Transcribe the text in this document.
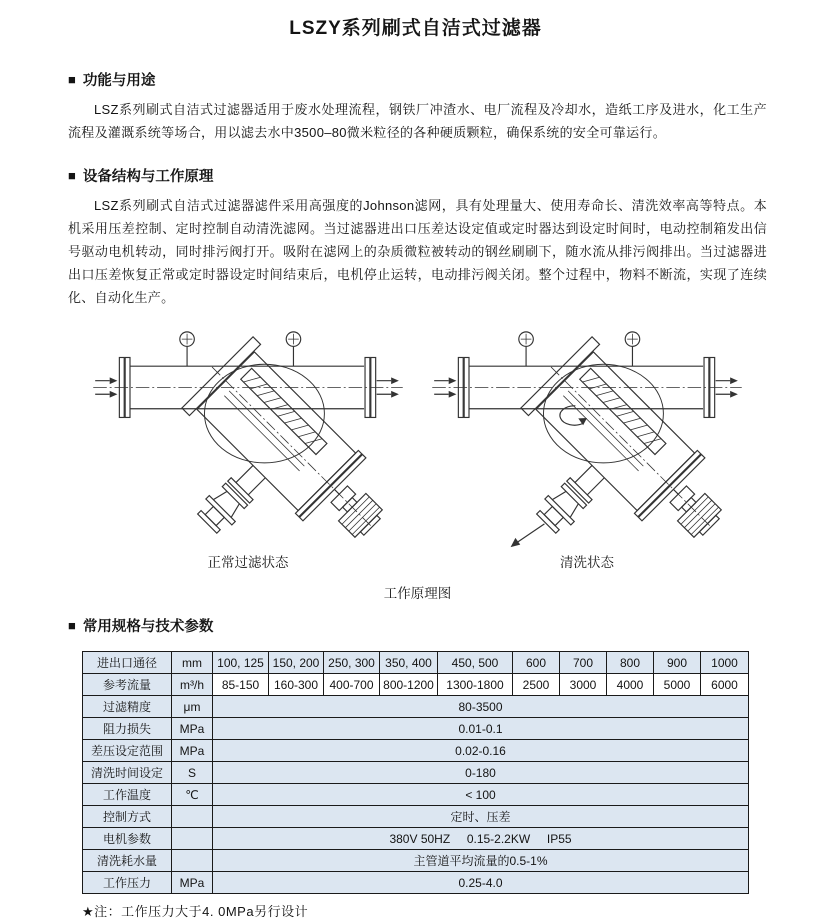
LSZY系列刷式自洁式过滤器
■ 功能与用途

LSZ系列刷式自洁式过滤器适用于废水处理流程，钢铁厂冲渣水、电厂流程及冷却水，造纸工序及进水，化工生产流程及灌溉系统等场合，用以滤去水中3500–80微米粒径的各种硬质颗粒，确保系统的安全可靠运行。

■ 设备结构与工作原理

LSZ系列刷式自洁式过滤器滤件采用高强度的Johnson滤网，具有处理量大、使用寿命长、清洗效率高等特点。本机采用压差控制、定时控制自动清洗滤网。当过滤器进出口压差达设定值或定时器达到设定时间时，电动控制箱发出信号驱动电机转动，同时排污阀打开。吸附在滤网上的杂质微粒被转动的钢丝刷刷下，随水流从排污阀排出。当过滤器进出口压差恢复正常或定时器设定时间结束后，电机停止运转，电动排污阀关闭。整个过程中，物料不断流，实现了连续化、自动化生产。

正常过滤状态	清洗状态
工作原理图
■ 常用规格与技术参数
进出口通径	mm	100, 125	150, 200	250, 300	350, 400	450, 500	600	700	800	900	1000
参考流量	m³/h	85-150	160-300	400-700	800-1200	1300-1800	2500	3000	4000	5000	6000
过滤精度	μm	80-3500									
阻力损失	MPa	0.01-0.1									
差压设定范围	MPa	0.02-0.16									
清洗时间设定	S	0-180									
工作温度	℃	< 100									
控制方式		定时、压差									
电机参数		380V 50HZ     0.15-2.2KW     IP55									
清洗耗水量		主管道平均流量的0.5-1%									
工作压力	MPa	0.25-4.0									
★注：工作压力大于4. 0MPa另行设计
